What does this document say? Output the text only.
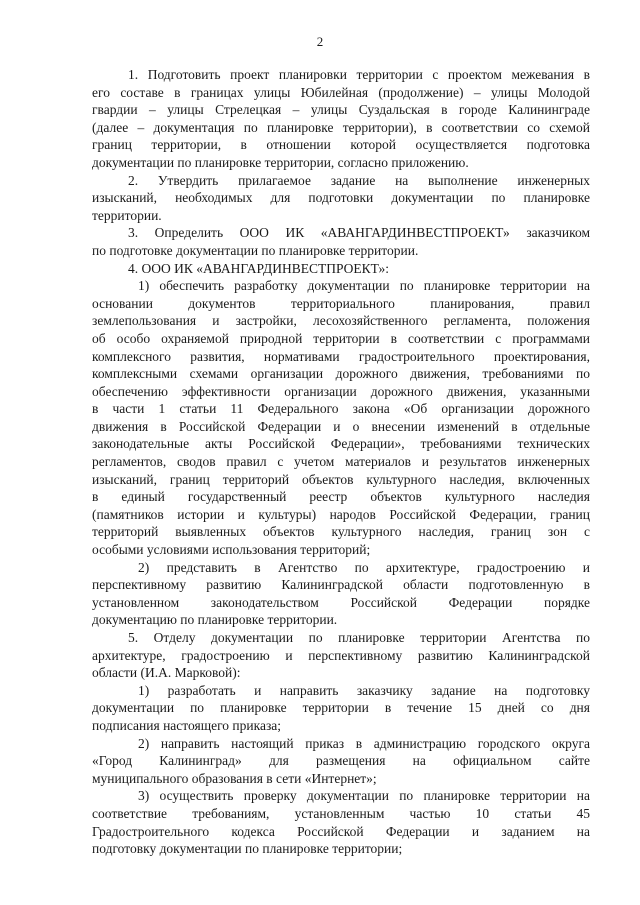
2
1. Подготовить проект планировки территории с проектом межевания в
его составе в границах улицы Юбилейная (продолжение) – улицы Молодой
гвардии – улицы Стрелецкая – улицы Суздальская в городе Калининграде
(далее – документация по планировке территории), в соответствии со схемой
границ территории, в отношении которой осуществляется подготовка
документации по планировке территории, согласно приложению.
2. Утвердить прилагаемое задание на выполнение инженерных
изысканий, необходимых для подготовки документации по планировке
территории.
3. Определить ООО ИК «АВАНГАРДИНВЕСТПРОЕКТ» заказчиком
по подготовке документации по планировке территории.
4. ООО ИК «АВАНГАРДИНВЕСТПРОЕКТ»:
1) обеспечить разработку документации по планировке территории на
основании документов территориального планирования, правил
землепользования и застройки, лесохозяйственного регламента, положения
об особо охраняемой природной территории в соответствии с программами
комплексного развития, нормативами градостроительного проектирования,
комплексными схемами организации дорожного движения, требованиями по
обеспечению эффективности организации дорожного движения, указанными
в части 1 статьи 11 Федерального закона «Об организации дорожного
движения в Российской Федерации и о внесении изменений в отдельные
законодательные акты Российской Федерации», требованиями технических
регламентов, сводов правил с учетом материалов и результатов инженерных
изысканий, границ территорий объектов культурного наследия, включенных
в единый государственный реестр объектов культурного наследия
(памятников истории и культуры) народов Российской Федерации, границ
территорий выявленных объектов культурного наследия, границ зон с
особыми условиями использования территорий;
2) представить в Агентство по архитектуре, градостроению и
перспективному развитию Калининградской области подготовленную в
установленном законодательством Российской Федерации порядке
документацию по планировке территории.
5. Отделу документации по планировке территории Агентства по
архитектуре, градостроению и перспективному развитию Калининградской
области (И.А. Марковой):
1) разработать и направить заказчику задание на подготовку
документации по планировке территории в течение 15 дней со дня
подписания настоящего приказа;
2) направить настоящий приказ в администрацию городского округа
«Город Калининград» для размещения на официальном сайте
муниципального образования в сети «Интернет»;
3) осуществить проверку документации по планировке территории на
соответствие требованиям, установленным частью 10 статьи 45
Градостроительного кодекса Российской Федерации и заданием на
подготовку документации по планировке территории;
